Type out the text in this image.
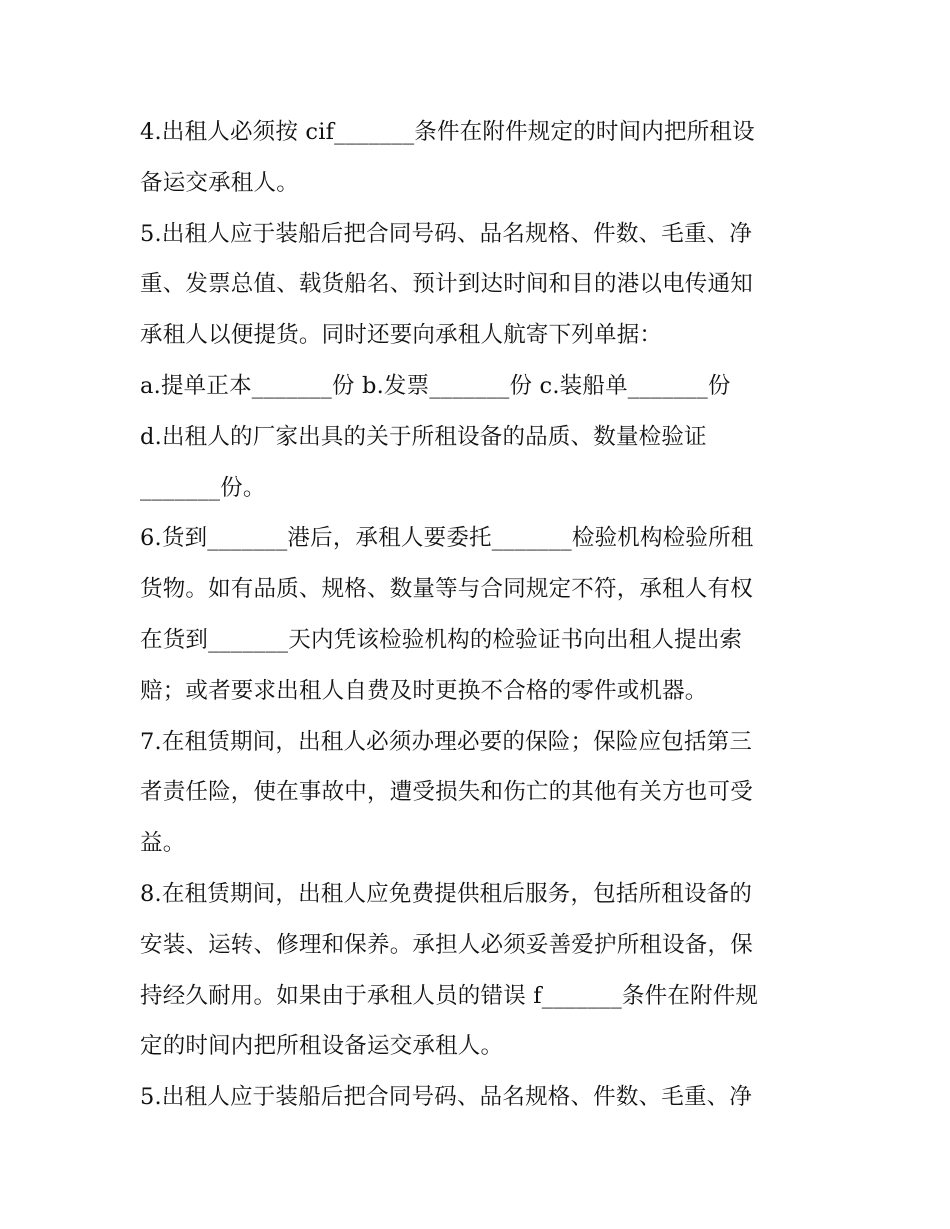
4.出租人必须按 cif_______条件在附件规定的时间内把所租设
备运交承租人。
5.出租人应于装船后把合同号码、品名规格、件数、毛重、净
重、发票总值、载货船名、预计到达时间和目的港以电传通知
承租人以便提货。同时还要向承租人航寄下列单据：
a.提单正本_______份 b.发票_______份 c.装船单_______份
d.出租人的厂家出具的关于所租设备的品质、数量检验证
_______份。
6.货到_______港后，承租人要委托_______检验机构检验所租
货物。如有品质、规格、数量等与合同规定不符，承租人有权
在货到_______天内凭该检验机构的检验证书向出租人提出索
赔；或者要求出租人自费及时更换不合格的零件或机器。
7.在租赁期间，出租人必须办理必要的保险；保险应包括第三
者责任险，使在事故中，遭受损失和伤亡的其他有关方也可受
益。
8.在租赁期间，出租人应免费提供租后服务，包括所租设备的
安装、运转、修理和保养。承担人必须妥善爱护所租设备，保
持经久耐用。如果由于承租人员的错误 f_______条件在附件规
定的时间内把所租设备运交承租人。
5.出租人应于装船后把合同号码、品名规格、件数、毛重、净
